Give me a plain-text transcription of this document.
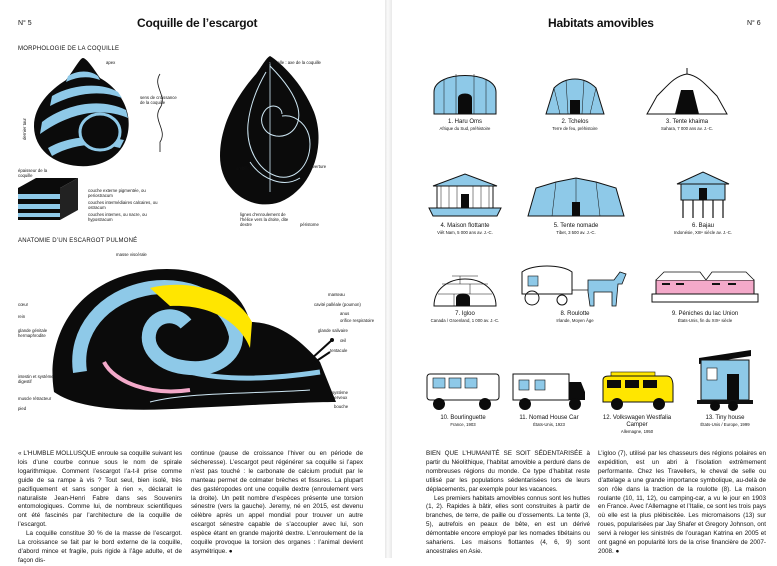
N° 5	Coquille de l’escargot
MORPHOLOGIE DE LA COQUILLE
dernier tour
apex
sens de croissance de la coquille
columelle : axe de la coquille
ombilic	ouverture
lignes d’enroulement de l’hélice vers la droite, dite dextre	péristome
épaisseur de la coquille
couche externe pigmentée, ou periostracum
couches intermédiaires calcaires, ou ostracum
couches internes, ou nacre, ou hypostracum
ANATOMIE D’UN ESCARGOT PULMONÉ
masse viscérale
manteau
cavité palléale (poumon)
anus
orifice respiratoire
glande salivaire
œil
tentacule
cœur
rein
glande génitale hermaphrodite
intestin et système digestif
muscle rétracteur
pied
système nerveux
bouche

« L’HUMBLE MOLLUSQUE enroule sa coquille suivant les lois d’une courbe connue sous le nom de spirale logarithmique. Comment l’escargot l’a-t-il prise comme guide de sa rampe à vis ? Tout seul, bien isolé, très pacifiquement et sans songer à rien », déclarait le naturaliste Jean-Henri Fabre dans ses Souvenirs entomologiques. Comme lui, de nombreux scientifiques ont été fascinés par l’architecture de la coquille de l’escargot.

La coquille constitue 30 % de la masse de l’escargot. La croissance se fait par le bord externe de la coquille, d’abord mince et fragile, puis rigide à l’âge adulte, et de façon dis-

continue (pause de croissance l’hiver ou en période de sécheresse). L’escargot peut régénérer sa coquille si l’apex n’est pas touché : le carbonate de calcium produit par le manteau permet de colmater brèches et fissures. La plupart des gastéropodes ont une coquille dextre (enroulement vers la droite). Un petit nombre d’espèces présente une torsion sénestre (vers la gauche). Jeremy, né en 2015, est devenu célèbre après un appel mondial pour trouver un autre escargot sénestre capable de s’accoupler avec lui, son espèce étant en grande majorité dextre. L’enroulement de la coquille provoque la torsion des organes : l’animal devient asymétrique. ●

Habitats amovibles	N° 6
1. Haru Oms
Afrique du Sud, préhistoire
2. Tchelos
Terre de feu, préhistoire
3. Tente khaima
Sahara, 7 000 ans av. J.-C.
4. Maison flottante
Viêt Nam, 5 000 ans av. J.-C.
5. Tente nomade
Tibet, 3 500 av. J.-C.
6. Bajau
Indonésie, XIIIᵉ siècle av. J.-C.
7. Igloo
Canada / Groenland, 1 000 av. J.-C.
8. Roulotte
Irlande, Moyen Âge
9. Péniches du lac Union
États-Unis, fin du XIXᵉ siècle
10. Bourlinguette
France, 1903
11. Nomad House Car
États-Unis, 1923
12. Volkswagen Westfalia Camper
Allemagne, 1950
13. Tiny house
États-Unis / Europe, 1999

BIEN QUE L’HUMANITÉ SE SOIT SÉDENTARISÉE à partir du Néolithique, l’habitat amovible a perduré dans de nombreuses régions du monde. Ce type d’habitat reste utilisé par les populations sédentarisées lors de leurs déplacements, par exemple pour les vacances.

Les premiers habitats amovibles connus sont les huttes (1, 2). Rapides à bâtir, elles sont construites à partir de branches, de terre, de paille ou d’ossements. La tente (3, 5), autrefois en peaux de bête, en est un dérivé démontable encore employé par les nomades tibétains ou sahariens. Les maisons flottantes (4, 6, 9) sont ancestrales en Asie.

L’igloo (7), utilisé par les chasseurs des régions polaires en expédition, est un abri à l’isolation extrêmement performante. Chez les Travellers, le cheval de selle ou d’attelage a une grande importance symbolique, au-delà de son rôle dans la traction de la roulotte (8). La maison roulante (10, 11, 12), ou camping-car, a vu le jour en 1903 en France. Avec l’Allemagne et l’Italie, ce sont les trois pays où elle est la plus plébiscitée. Les micromaisons (13) sur roues, popularisées par Jay Shafer et Gregory Johnson, ont servi à reloger les sinistrés de l’ouragan Katrina en 2005 et ont gagné en popularité lors de la crise financière de 2007-2008. ●
